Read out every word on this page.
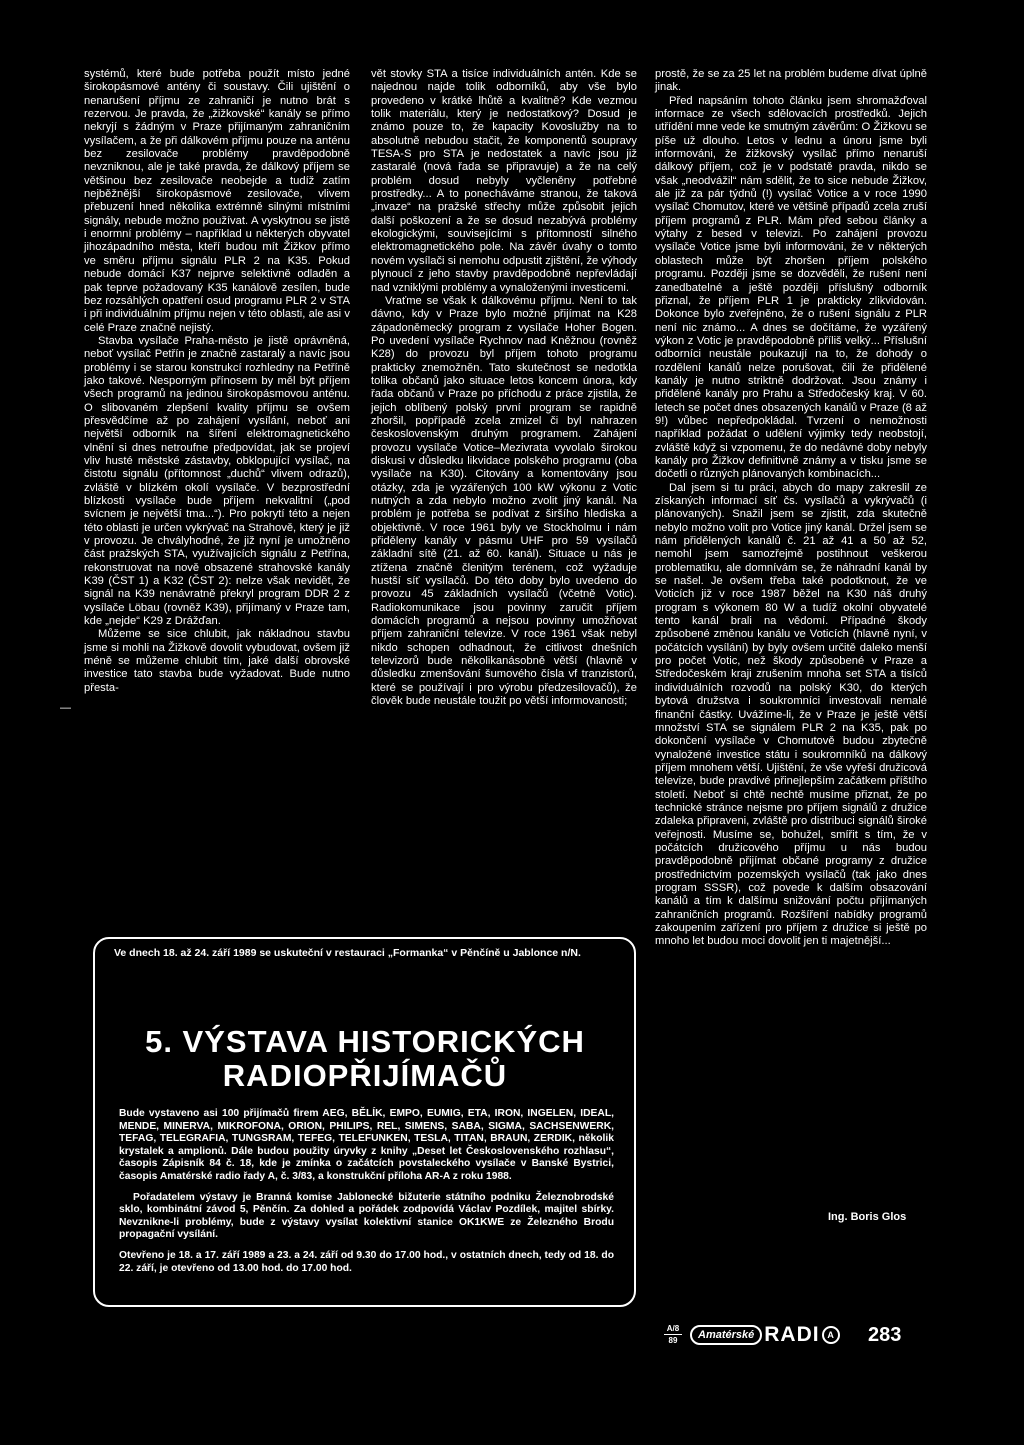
systémů, které bude potřeba použít místo jedné širokopásmové antény či soustavy. Čili ujištění o nenarušení příjmu ze zahraničí je nutno brát s rezervou. Je pravda, že „žižkovské“ kanály se přímo nekryjí s žádným v Praze přijímaným zahraničním vysílačem, a že při dálkovém příjmu pouze na anténu bez zesilovače problémy pravděpodobně nevzniknou, ale je také pravda, že dálkový příjem se většinou bez zesilovače neobejde a tudíž zatím nejběžnější širokopásmové zesilovače, vlivem přebuzení hned několika extrémně silnými místními signály, nebude možno používat. A vyskytnou se jistě i enormní problémy – například u některých obyvatel jihozápadního města, kteří budou mít Žižkov přímo ve směru příjmu signálu PLR 2 na K35. Pokud nebude domácí K37 nejprve selektivně odladěn a pak teprve požadovaný K35 kanálově zesílen, bude bez rozsáhlých opatření osud programu PLR 2 v STA i při individuálním příjmu nejen v této oblasti, ale asi v celé Praze značně nejistý.

Stavba vysílače Praha-město je jistě oprávněná, neboť vysílač Petřín je značně zastaralý a navíc jsou problémy i se starou konstrukcí rozhledny na Petříně jako takové. Nesporným přínosem by měl být příjem všech programů na jedinou širokopásmovou anténu. O slibovaném zlepšení kvality příjmu se ovšem přesvědčíme až po zahájení vysílání, neboť ani největší odborník na šíření elektromagnetického vlnění si dnes netroufne předpovídat, jak se projeví vliv husté městské zástavby, obklopující vysílač, na čistotu signálu (přítomnost „duchů“ vlivem odrazů), zvláště v blízkém okolí vysílače. V bezprostřední blízkosti vysílače bude příjem nekvalitní („pod svícnem je největší tma...“). Pro pokrytí této a nejen této oblasti je určen vykrývač na Strahově, který je již v provozu. Je chvályhodné, že již nyní je umožněno část pražských STA, využívajících signálu z Petřína, rekonstruovat na nově obsazené strahovské kanály K39 (ČST 1) a K32 (ČST 2): nelze však nevidět, že signál na K39 nenávratně překryl program DDR 2 z vysílače Löbau (rovněž K39), přijímaný v Praze tam, kde „nejde“ K29 z Drážďan.

Můžeme se sice chlubit, jak nákladnou stavbu jsme si mohli na Žižkově dovolit vybudovat, ovšem již méně se můžeme chlubit tím, jaké další obrovské investice tato stavba bude vyžadovat. Bude nutno přesta-

—

vět stovky STA a tisíce individuálních antén. Kde se najednou najde tolik odborníků, aby vše bylo provedeno v krátké lhůtě a kvalitně? Kde vezmou tolik materiálu, který je nedostatkový? Dosud je známo pouze to, že kapacity Kovoslužby na to absolutně nebudou stačit, že komponentů soupravy TESA-S pro STA je nedostatek a navíc jsou již zastaralé (nová řada se připravuje) a že na celý problém dosud nebyly vyčleněny potřebné prostředky... A to ponecháváme stranou, že taková „invaze“ na pražské střechy může způsobit jejich další poškození a že se dosud nezabývá problémy ekologickými, souvisejícími s přítomností silného elektromagnetického pole. Na závěr úvahy o tomto novém vysílači si nemohu odpustit zjištění, že výhody plynoucí z jeho stavby pravděpodobně nepřevládají nad vzniklými problémy a vynaloženými investicemi.

Vraťme se však k dálkovému příjmu. Není to tak dávno, kdy v Praze bylo možné přijímat na K28 západoněmecký program z vysílače Hoher Bogen. Po uvedení vysílače Rychnov nad Kněžnou (rovněž K28) do provozu byl příjem tohoto programu prakticky znemožněn. Tato skutečnost se nedotkla tolika občanů jako situace letos koncem února, kdy řada občanů v Praze po příchodu z práce zjistila, že jejich oblíbený polský první program se rapidně zhoršil, popřípadě zcela zmizel či byl nahrazen československým druhým programem. Zahájení provozu vysílače Votice–Mezivrata vyvolalo širokou diskusi v důsledku likvidace polského programu (oba vysílače na K30). Citovány a komentovány jsou otázky, zda je vyzářených 100 kW výkonu z Votic nutných a zda nebylo možno zvolit jiný kanál. Na problém je potřeba se podívat z širšího hlediska a objektivně. V roce 1961 byly ve Stockholmu i nám přiděleny kanály v pásmu UHF pro 59 vysílačů základní sítě (21. až 60. kanál). Situace u nás je ztížena značně členitým terénem, což vyžaduje hustší síť vysílačů. Do této doby bylo uvedeno do provozu 45 základních vysílačů (včetně Votic). Radiokomunikace jsou povinny zaručit příjem domácích programů a nejsou povinny umožňovat příjem zahraniční televize. V roce 1961 však nebyl nikdo schopen odhadnout, že citlivost dnešních televizorů bude několikanásobně větší (hlavně v důsledku zmenšování šumového čísla vf tranzistorů, které se používají i pro výrobu předzesilovačů), že člověk bude neustále toužit po větší informovanosti;

prostě, že se za 25 let na problém budeme dívat úplně jinak.

Před napsáním tohoto článku jsem shromažďoval informace ze všech sdělovacích prostředků. Jejich utřídění mne vede ke smutným závěrům: O Žižkovu se píše už dlouho. Letos v lednu a únoru jsme byli informováni, že žižkovský vysílač přímo nenaruší dálkový příjem, což je v podstatě pravda, nikdo se však „neodvážil“ nám sdělit, že to sice nebude Žižkov, ale již za pár týdnů (!) vysílač Votice a v roce 1990 vysílač Chomutov, které ve většině případů zcela zruší příjem programů z PLR. Mám před sebou články a výtahy z besed v televizi. Po zahájení provozu vysílače Votice jsme byli informováni, že v některých oblastech může být zhoršen příjem polského programu. Později jsme se dozvěděli, že rušení není zanedbatelné a ještě později příslušný odborník přiznal, že příjem PLR 1 je prakticky zlikvidován. Dokonce bylo zveřejněno, že o rušení signálu z PLR není nic známo... A dnes se dočítáme, že vyzářený výkon z Votic je pravděpodobně příliš velký... Příslušní odborníci neustále poukazují na to, že dohody o rozdělení kanálů nelze porušovat, čili že přidělené kanály je nutno striktně dodržovat. Jsou známy i přidělené kanály pro Prahu a Středočeský kraj. V 60. letech se počet dnes obsazených kanálů v Praze (8 až 9!) vůbec nepředpokládal. Tvrzení o nemožnosti například požádat o udělení výjimky tedy neobstojí, zvláště když si vzpomenu, že do nedávné doby nebyly kanály pro Žižkov definitivně známy a v tisku jsme se dočetli o různých plánovaných kombinacích...

Dal jsem si tu práci, abych do mapy zakreslil ze získaných informací síť čs. vysílačů a vykrývačů (i plánovaných). Snažil jsem se zjistit, zda skutečně nebylo možno volit pro Votice jiný kanál. Držel jsem se nám přidělených kanálů č. 21 až 41 a 50 až 52, nemohl jsem samozřejmě postihnout veškerou problematiku, ale domnívám se, že náhradní kanál by se našel. Je ovšem třeba také podotknout, že ve Voticích již v roce 1987 běžel na K30 náš druhý program s výkonem 80 W a tudíž okolní obyvatelé tento kanál brali na vědomí. Případné škody způsobené změnou kanálu ve Voticích (hlavně nyní, v počátcích vysílání) by byly ovšem určitě daleko menší pro počet Votic, než škody způsobené v Praze a Středočeském kraji zrušením mnoha set STA a tisíců individuálních rozvodů na polský K30, do kterých bytová družstva i soukromníci investovali nemalé finanční částky. Uvážíme-li, že v Praze je ještě větší množství STA se signálem PLR 2 na K35, pak po dokončení vysílače v Chomutově budou zbytečně vynaložené investice státu i soukromníků na dálkový příjem mnohem větší. Ujištění, že vše vyřeší družicová televize, bude pravdivé přinejlepším začátkem příštího století. Neboť si chtě nechtě musíme přiznat, že po technické stránce nejsme pro příjem signálů z družice zdaleka připraveni, zvláště pro distribuci signálů široké veřejnosti. Musíme se, bohužel, smířit s tím, že v počátcích družicového příjmu u nás budou pravděpodobně přijímat občané programy z družice prostřednictvím pozemských vysílačů (tak jako dnes program SSSR), což povede k dalším obsazování kanálů a tím k dalšímu snižování počtu přijímaných zahraničních programů. Rozšíření nabídky programů zakoupením zařízení pro příjem z družice si ještě po mnoho let budou moci dovolit jen ti majetnější...

Ing. Boris Glos
Ve dnech 18. až 24. září 1989 se uskuteční v restauraci „Formanka“ v Pěnčíně u Jablonce n/N.
5. VÝSTAVA HISTORICKÝCH
RADIOPŘIJÍMAČŮ

Bude vystaveno asi 100 přijímačů firem AEG, BĚLÍK, EMPO, EUMIG, ETA, IRON, INGELEN, IDEAL, MENDE, MINERVA, MIKROFONA, ORION, PHILIPS, REL, SIMENS, SABA, SIGMA, SACHSENWERK, TEFAG, TELEGRAFIA, TUNGSRAM, TEFEG, TELEFUNKEN, TESLA, TITAN, BRAUN, ZERDIK, několik krystalek a amplionů. Dále budou použity úryvky z knihy „Deset let Československého rozhlasu“, časopis Zápisník 84 č. 18, kde je zmínka o začátcích povstaleckého vysílače v Banské Bystrici, časopis Amatérské radio řady A, č. 3/83, a konstrukční příloha AR-A z roku 1988.

Pořadatelem výstavy je Branná komise Jablonecké bižuterie státního podniku Železnobrodské sklo, kombinátní závod 5, Pěnčín. Za dohled a pořádek zodpovídá Václav Pozdílek, majitel sbírky. Nevznikne-li problémy, bude z výstavy vysílat kolektivní stanice OK1KWE ze Železného Brodu propagační vysílání.

Otevřeno je 18. a 17. září 1989 a 23. a 24. září od 9.30 do 17.00 hod., v ostatních dnech, tedy od 18. do 22. září, je otevřeno od 13.00 hod. do 17.00 hod.

A/8
89	Amatérské RADI A 283
